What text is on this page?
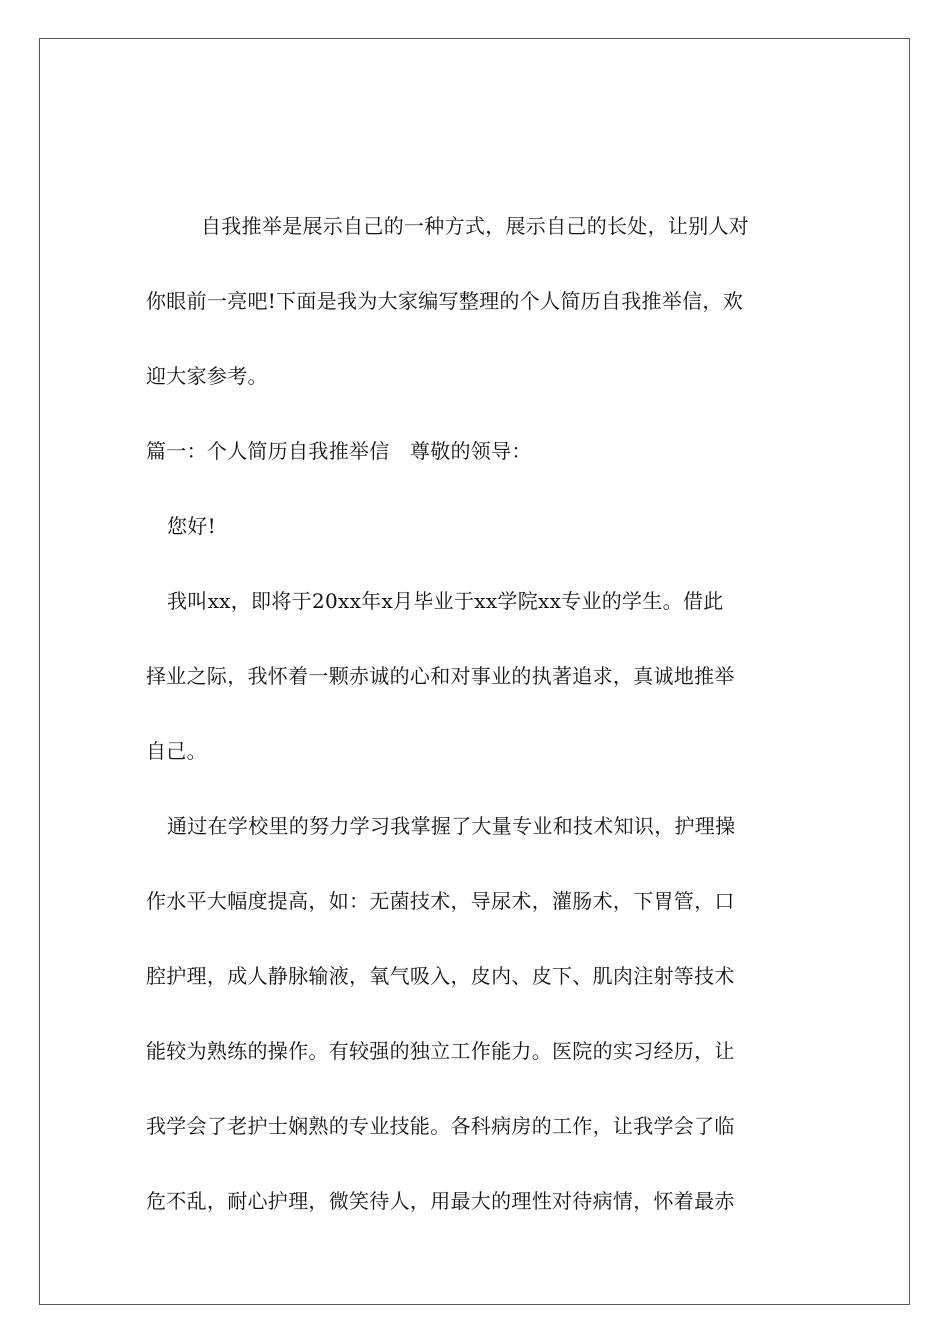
自我推举是展示自己的一种方式，展示自己的长处，让别人对
你眼前一亮吧!下面是我为大家编写整理的个人简历自我推举信，欢
迎大家参考。
篇一：个人简历自我推举信　尊敬的领导：
您好!
我叫xx，即将于20xx年x月毕业于xx学院xx专业的学生。借此
择业之际，我怀着一颗赤诚的心和对事业的执著追求，真诚地推举
自己。
通过在学校里的努力学习我掌握了大量专业和技术知识，护理操
作水平大幅度提高，如：无菌技术，导尿术，灌肠术，下胃管，口
腔护理，成人静脉输液，氧气吸入，皮内、皮下、肌肉注射等技术
能较为熟练的操作。有较强的独立工作能力。医院的实习经历，让
我学会了老护士娴熟的专业技能。各科病房的工作，让我学会了临
危不乱，耐心护理，微笑待人，用最大的理性对待病情，怀着最赤
